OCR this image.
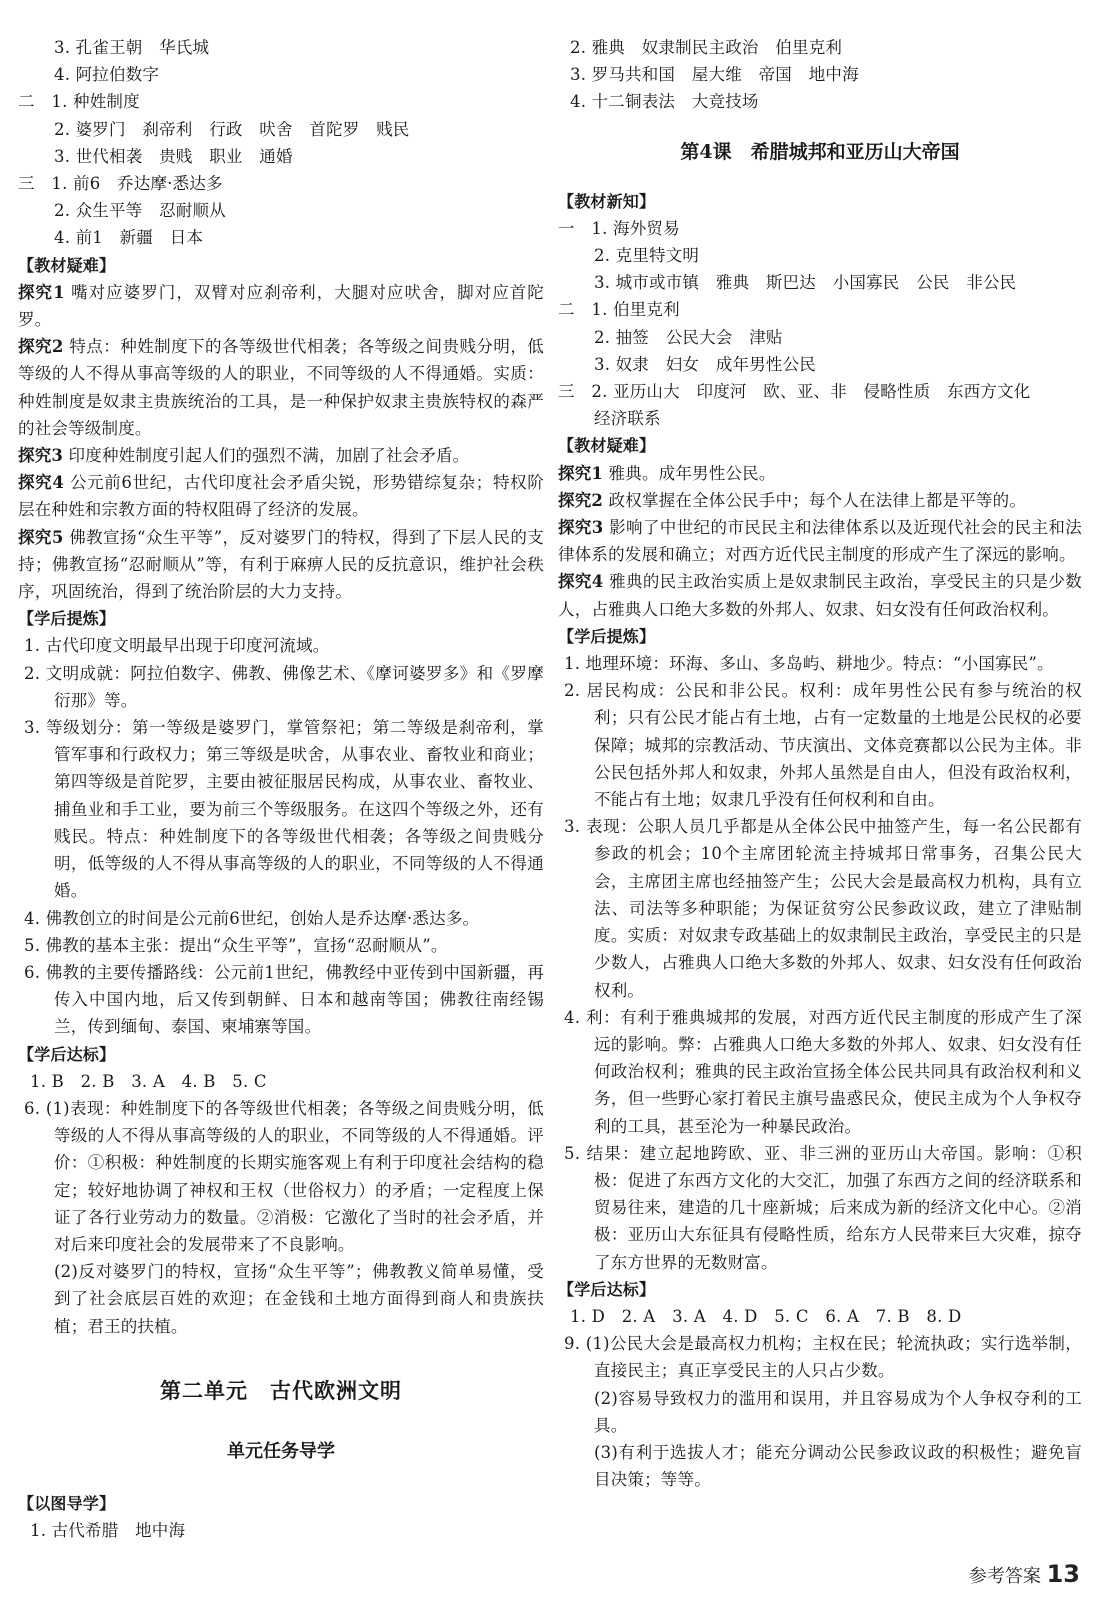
3. 孔雀王朝　华氏城

4. 阿拉伯数字

二　1. 种姓制度

2. 婆罗门　刹帝利　行政　吠舍　首陀罗　贱民

3. 世代相袭　贵贱　职业　通婚

三　1. 前6　乔达摩·悉达多

2. 众生平等　忍耐顺从

4. 前1　新疆　日本

【教材疑难】

探究1 嘴对应婆罗门，双臂对应刹帝利，大腿对应吠舍，脚对应首陀罗。

探究2 特点：种姓制度下的各等级世代相袭；各等级之间贵贱分明，低等级的人不得从事高等级的人的职业，不同等级的人不得通婚。实质：种姓制度是奴隶主贵族统治的工具，是一种保护奴隶主贵族特权的森严的社会等级制度。

探究3 印度种姓制度引起人们的强烈不满，加剧了社会矛盾。

探究4 公元前6世纪，古代印度社会矛盾尖锐，形势错综复杂；特权阶层在种姓和宗教方面的特权阻碍了经济的发展。

探究5 佛教宣扬“众生平等”，反对婆罗门的特权，得到了下层人民的支持；佛教宣扬“忍耐顺从”等，有利于麻痹人民的反抗意识，维护社会秩序，巩固统治，得到了统治阶层的大力支持。

【学后提炼】

1. 古代印度文明最早出现于印度河流域。

2. 文明成就：阿拉伯数字、佛教、佛像艺术、《摩诃婆罗多》和《罗摩衍那》等。

3. 等级划分：第一等级是婆罗门，掌管祭祀；第二等级是刹帝利，掌管军事和行政权力；第三等级是吠舍，从事农业、畜牧业和商业；第四等级是首陀罗，主要由被征服居民构成，从事农业、畜牧业、捕鱼业和手工业，要为前三个等级服务。在这四个等级之外，还有贱民。特点：种姓制度下的各等级世代相袭；各等级之间贵贱分明，低等级的人不得从事高等级的人的职业，不同等级的人不得通婚。

4. 佛教创立的时间是公元前6世纪，创始人是乔达摩·悉达多。

5. 佛教的基本主张：提出“众生平等”，宣扬“忍耐顺从”。

6. 佛教的主要传播路线：公元前1世纪，佛教经中亚传到中国新疆，再传入中国内地，后又传到朝鲜、日本和越南等国；佛教往南经锡兰，传到缅甸、泰国、柬埔寨等国。

【学后达标】

1. B　2. B　3. A　4. B　5. C

6. (1)表现：种姓制度下的各等级世代相袭；各等级之间贵贱分明，低等级的人不得从事高等级的人的职业，不同等级的人不得通婚。评价：①积极：种姓制度的长期实施客观上有利于印度社会结构的稳定；较好地协调了神权和王权（世俗权力）的矛盾；一定程度上保证了各行业劳动力的数量。②消极：它激化了当时的社会矛盾，并对后来印度社会的发展带来了不良影响。

(2)反对婆罗门的特权，宣扬“众生平等”；佛教教义简单易懂，受到了社会底层百姓的欢迎；在金钱和土地方面得到商人和贵族扶植；君王的扶植。

第二单元　古代欧洲文明

单元任务导学

【以图导学】

1. 古代希腊　地中海

2. 雅典　奴隶制民主政治　伯里克利

3. 罗马共和国　屋大维　帝国　地中海

4. 十二铜表法　大竞技场

第4课　希腊城邦和亚历山大帝国

【教材新知】

一　1. 海外贸易

2. 克里特文明

3. 城市或市镇　雅典　斯巴达　小国寡民　公民　非公民

二　1. 伯里克利

2. 抽签　公民大会　津贴

3. 奴隶　妇女　成年男性公民

三　2. 亚历山大　印度河　欧、亚、非　侵略性质　东西方文化

经济联系

【教材疑难】

探究1 雅典。成年男性公民。

探究2 政权掌握在全体公民手中；每个人在法律上都是平等的。

探究3 影响了中世纪的市民民主和法律体系以及近现代社会的民主和法律体系的发展和确立；对西方近代民主制度的形成产生了深远的影响。

探究4 雅典的民主政治实质上是奴隶制民主政治，享受民主的只是少数人，占雅典人口绝大多数的外邦人、奴隶、妇女没有任何政治权利。

【学后提炼】

1. 地理环境：环海、多山、多岛屿、耕地少。特点：“小国寡民”。

2. 居民构成：公民和非公民。权利：成年男性公民有参与统治的权利；只有公民才能占有土地，占有一定数量的土地是公民权的必要保障；城邦的宗教活动、节庆演出、文体竞赛都以公民为主体。非公民包括外邦人和奴隶，外邦人虽然是自由人，但没有政治权利，不能占有土地；奴隶几乎没有任何权利和自由。

3. 表现：公职人员几乎都是从全体公民中抽签产生，每一名公民都有参政的机会；10个主席团轮流主持城邦日常事务，召集公民大会，主席团主席也经抽签产生；公民大会是最高权力机构，具有立法、司法等多种职能；为保证贫穷公民参政议政，建立了津贴制度。实质：对奴隶专政基础上的奴隶制民主政治，享受民主的只是少数人，占雅典人口绝大多数的外邦人、奴隶、妇女没有任何政治权利。

4. 利：有利于雅典城邦的发展，对西方近代民主制度的形成产生了深远的影响。弊：占雅典人口绝大多数的外邦人、奴隶、妇女没有任何政治权利；雅典的民主政治宣扬全体公民共同具有政治权利和义务，但一些野心家打着民主旗号蛊惑民众，使民主成为个人争权夺利的工具，甚至沦为一种暴民政治。

5. 结果：建立起地跨欧、亚、非三洲的亚历山大帝国。影响：①积极：促进了东西方文化的大交汇，加强了东西方之间的经济联系和贸易往来，建造的几十座新城；后来成为新的经济文化中心。②消极：亚历山大东征具有侵略性质，给东方人民带来巨大灾难，掠夺了东方世界的无数财富。

【学后达标】

1. D　2. A　3. A　4. D　5. C　6. A　7. B　8. D

9. (1)公民大会是最高权力机构；主权在民；轮流执政；实行选举制，直接民主；真正享受民主的人只占少数。

(2)容易导致权力的滥用和误用，并且容易成为个人争权夺利的工具。

(3)有利于选拔人才；能充分调动公民参政议政的积极性；避免盲目决策；等等。

参考答案 13
